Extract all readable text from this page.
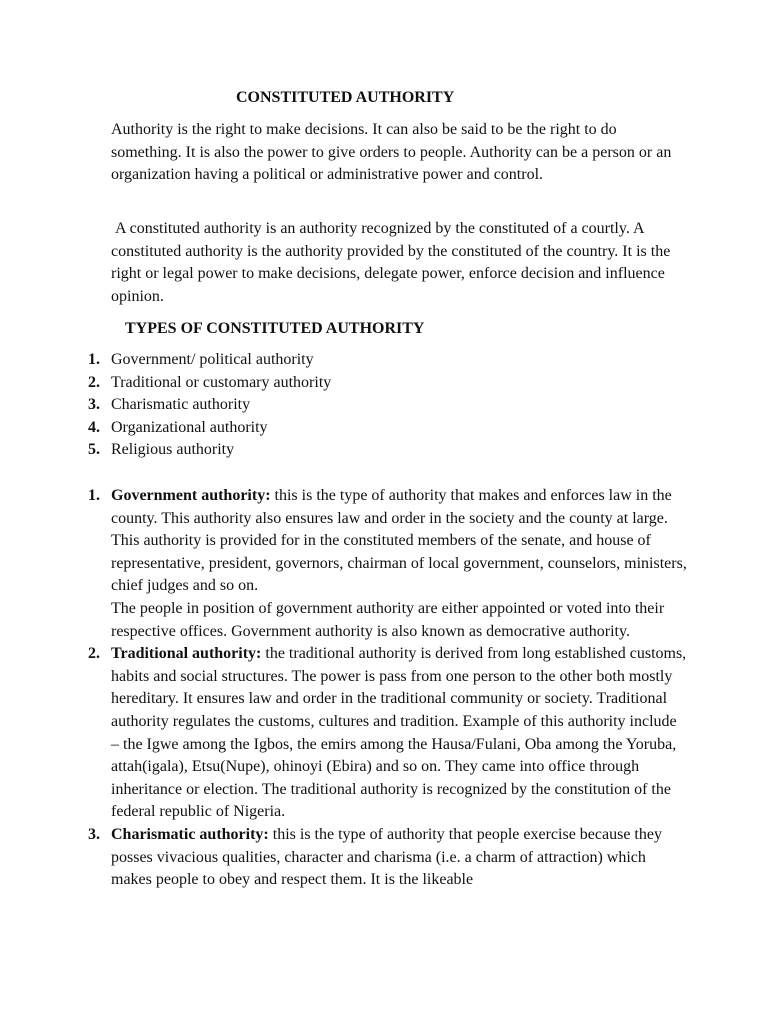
CONSTITUTED AUTHORITY
Authority is the right to make decisions. It can also be said to be the right to do something. It is also the power to give orders to people. Authority can be a person or an organization having a political or administrative power and control.
A constituted authority is an authority recognized by the constituted of a courtly. A constituted authority is the authority provided by the constituted of the country. It is the right or legal power to make decisions, delegate power, enforce decision and influence opinion.
TYPES OF CONSTITUTED AUTHORITY
1. Government/ political authority
2. Traditional or customary authority
3. Charismatic authority
4. Organizational authority
5. Religious authority
1. Government authority: this is the type of authority that makes and enforces law in the county. This authority also ensures law and order in the society and the county at large. This authority is provided for in the constituted members of the senate, and house of representative, president, governors, chairman of local government, counselors, ministers, chief judges and so on.
The people in position of government authority are either appointed or voted into their respective offices. Government authority is also known as democrative authority.
2. Traditional authority: the traditional authority is derived from long established customs, habits and social structures. The power is pass from one person to the other both mostly hereditary. It ensures law and order in the traditional community or society. Traditional authority regulates the customs, cultures and tradition. Example of this authority include – the Igwe among the Igbos, the emirs among the Hausa/Fulani, Oba among the Yoruba, attah(igala), Etsu(Nupe), ohinoyi (Ebira) and so on. They came into office through inheritance or election. The traditional authority is recognized by the constitution of the federal republic of Nigeria.
3. Charismatic authority: this is the type of authority that people exercise because they posses vivacious qualities, character and charisma (i.e. a charm of attraction) which makes people to obey and respect them. It is the likeable
